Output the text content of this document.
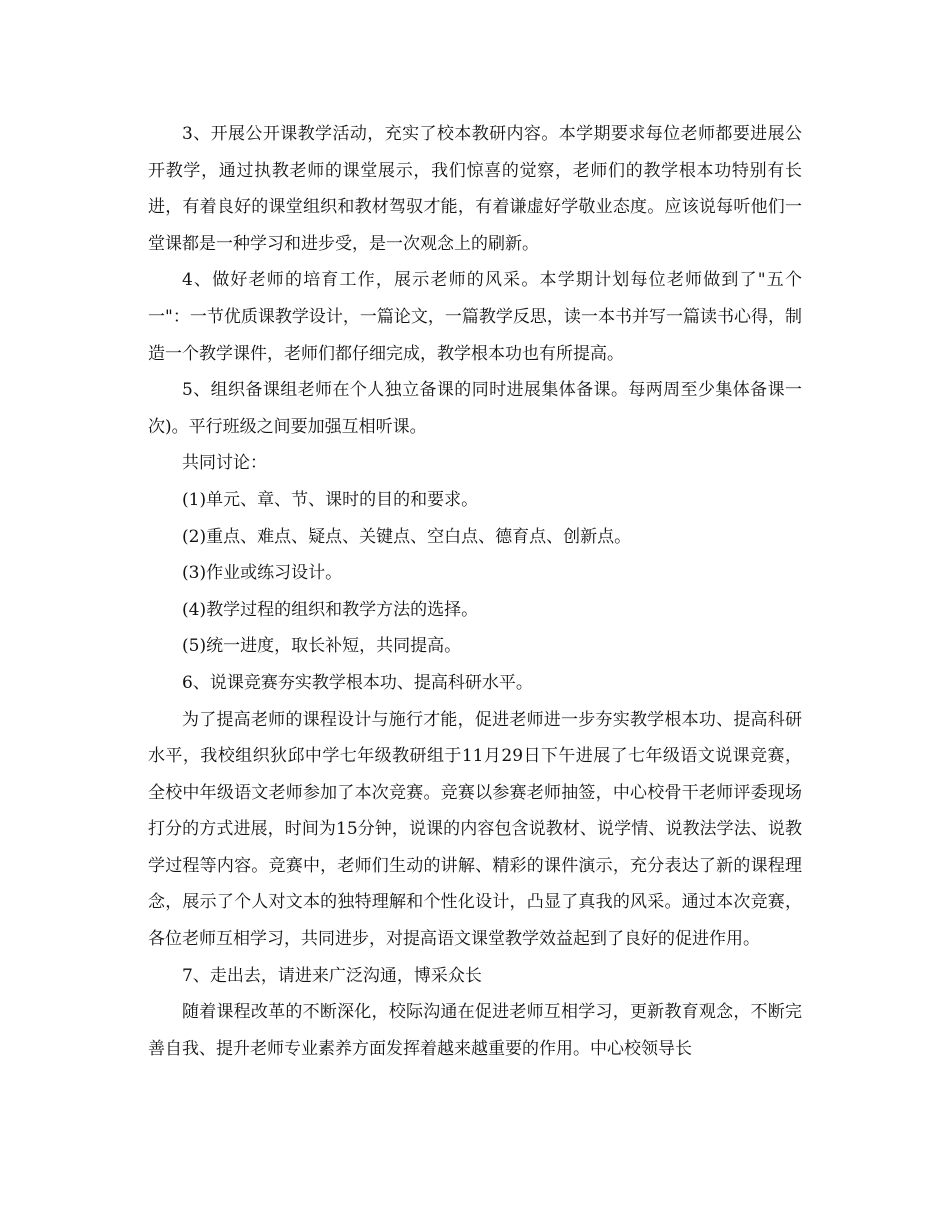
3、开展公开课教学活动，充实了校本教研内容。本学期要求每位老师都要进展公开教学，通过执教老师的课堂展示，我们惊喜的觉察，老师们的教学根本功特别有长进，有着良好的课堂组织和教材驾驭才能，有着谦虚好学敬业态度。应该说每听他们一堂课都是一种学习和进步受，是一次观念上的刷新。

4、做好老师的培育工作，展示老师的风采。本学期计划每位老师做到了"五个一"：一节优质课教学设计，一篇论文，一篇教学反思，读一本书并写一篇读书心得，制造一个教学课件，老师们都仔细完成，教学根本功也有所提高。

5、组织备课组老师在个人独立备课的同时进展集体备课。每两周至少集体备课一次)。平行班级之间要加强互相听课。

共同讨论：

(1)单元、章、节、课时的目的和要求。

(2)重点、难点、疑点、关键点、空白点、德育点、创新点。

(3)作业或练习设计。

(4)教学过程的组织和教学方法的选择。

(5)统一进度，取长补短，共同提高。

6、说课竞赛夯实教学根本功、提高科研水平。

为了提高老师的课程设计与施行才能，促进老师进一步夯实教学根本功、提高科研水平，我校组织狄邱中学七年级教研组于11月29日下午进展了七年级语文说课竞赛，全校中年级语文老师参加了本次竞赛。竞赛以参赛老师抽签，中心校骨干老师评委现场打分的方式进展，时间为15分钟，说课的内容包含说教材、说学情、说教法学法、说教学过程等内容。竞赛中，老师们生动的讲解、精彩的课件演示，充分表达了新的课程理念，展示了个人对文本的独特理解和个性化设计，凸显了真我的风采。通过本次竞赛，各位老师互相学习，共同进步，对提高语文课堂教学效益起到了良好的促进作用。

7、走出去，请进来广泛沟通，博采众长

随着课程改革的不断深化，校际沟通在促进老师互相学习，更新教育观念，不断完善自我、提升老师专业素养方面发挥着越来越重要的作用。中心校领导长
